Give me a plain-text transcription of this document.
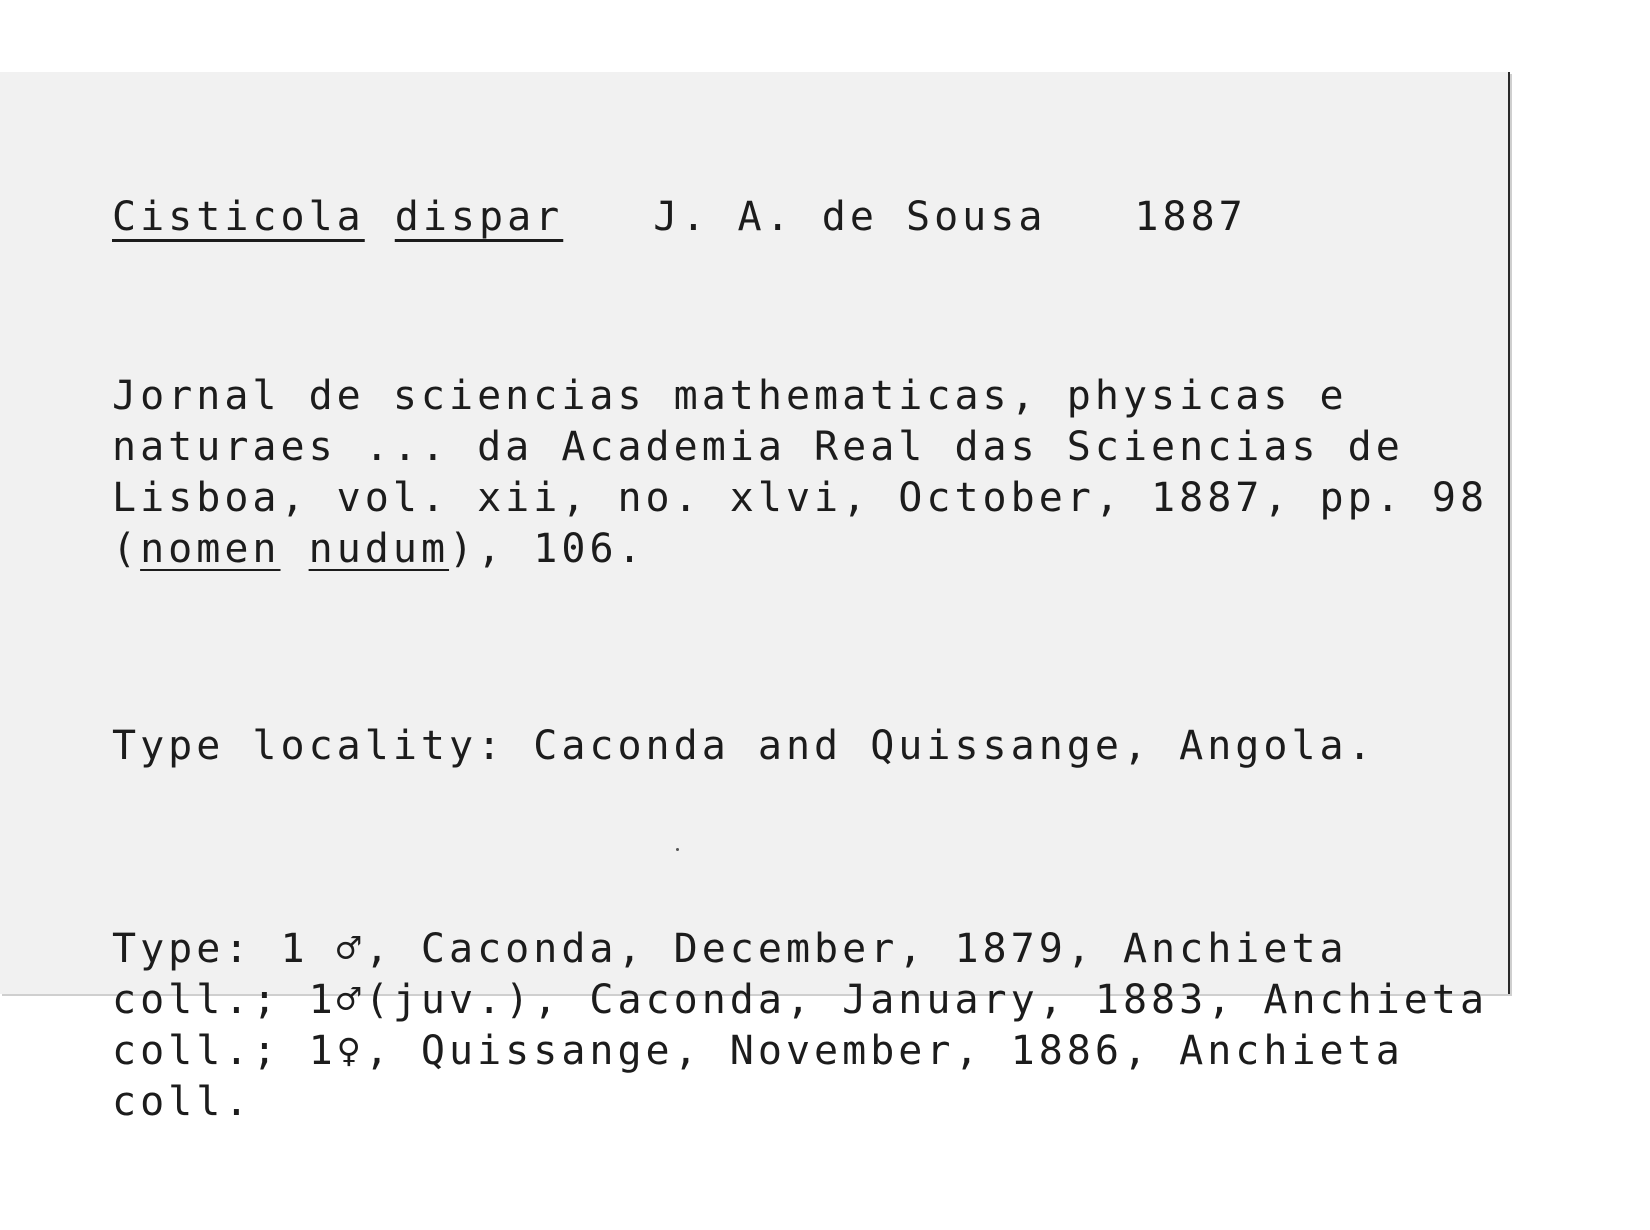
Cisticola dispar J. A. de Sousa 1887

Jornal de sciencias mathematicas, physicas e naturaes ... da Academia Real das Sciencias de Lisboa, vol. xii, no. xlvi, October, 1887, pp. 98 (nomen nudum), 106.

Type locality: Caconda and Quissange, Angola.

Type: 1 ♂, Caconda, December, 1879, Anchieta coll.; 1♂(juv.), Caconda, January, 1883, Anchieta coll.; 1♀, Quissange, November, 1886, Anchieta coll.
